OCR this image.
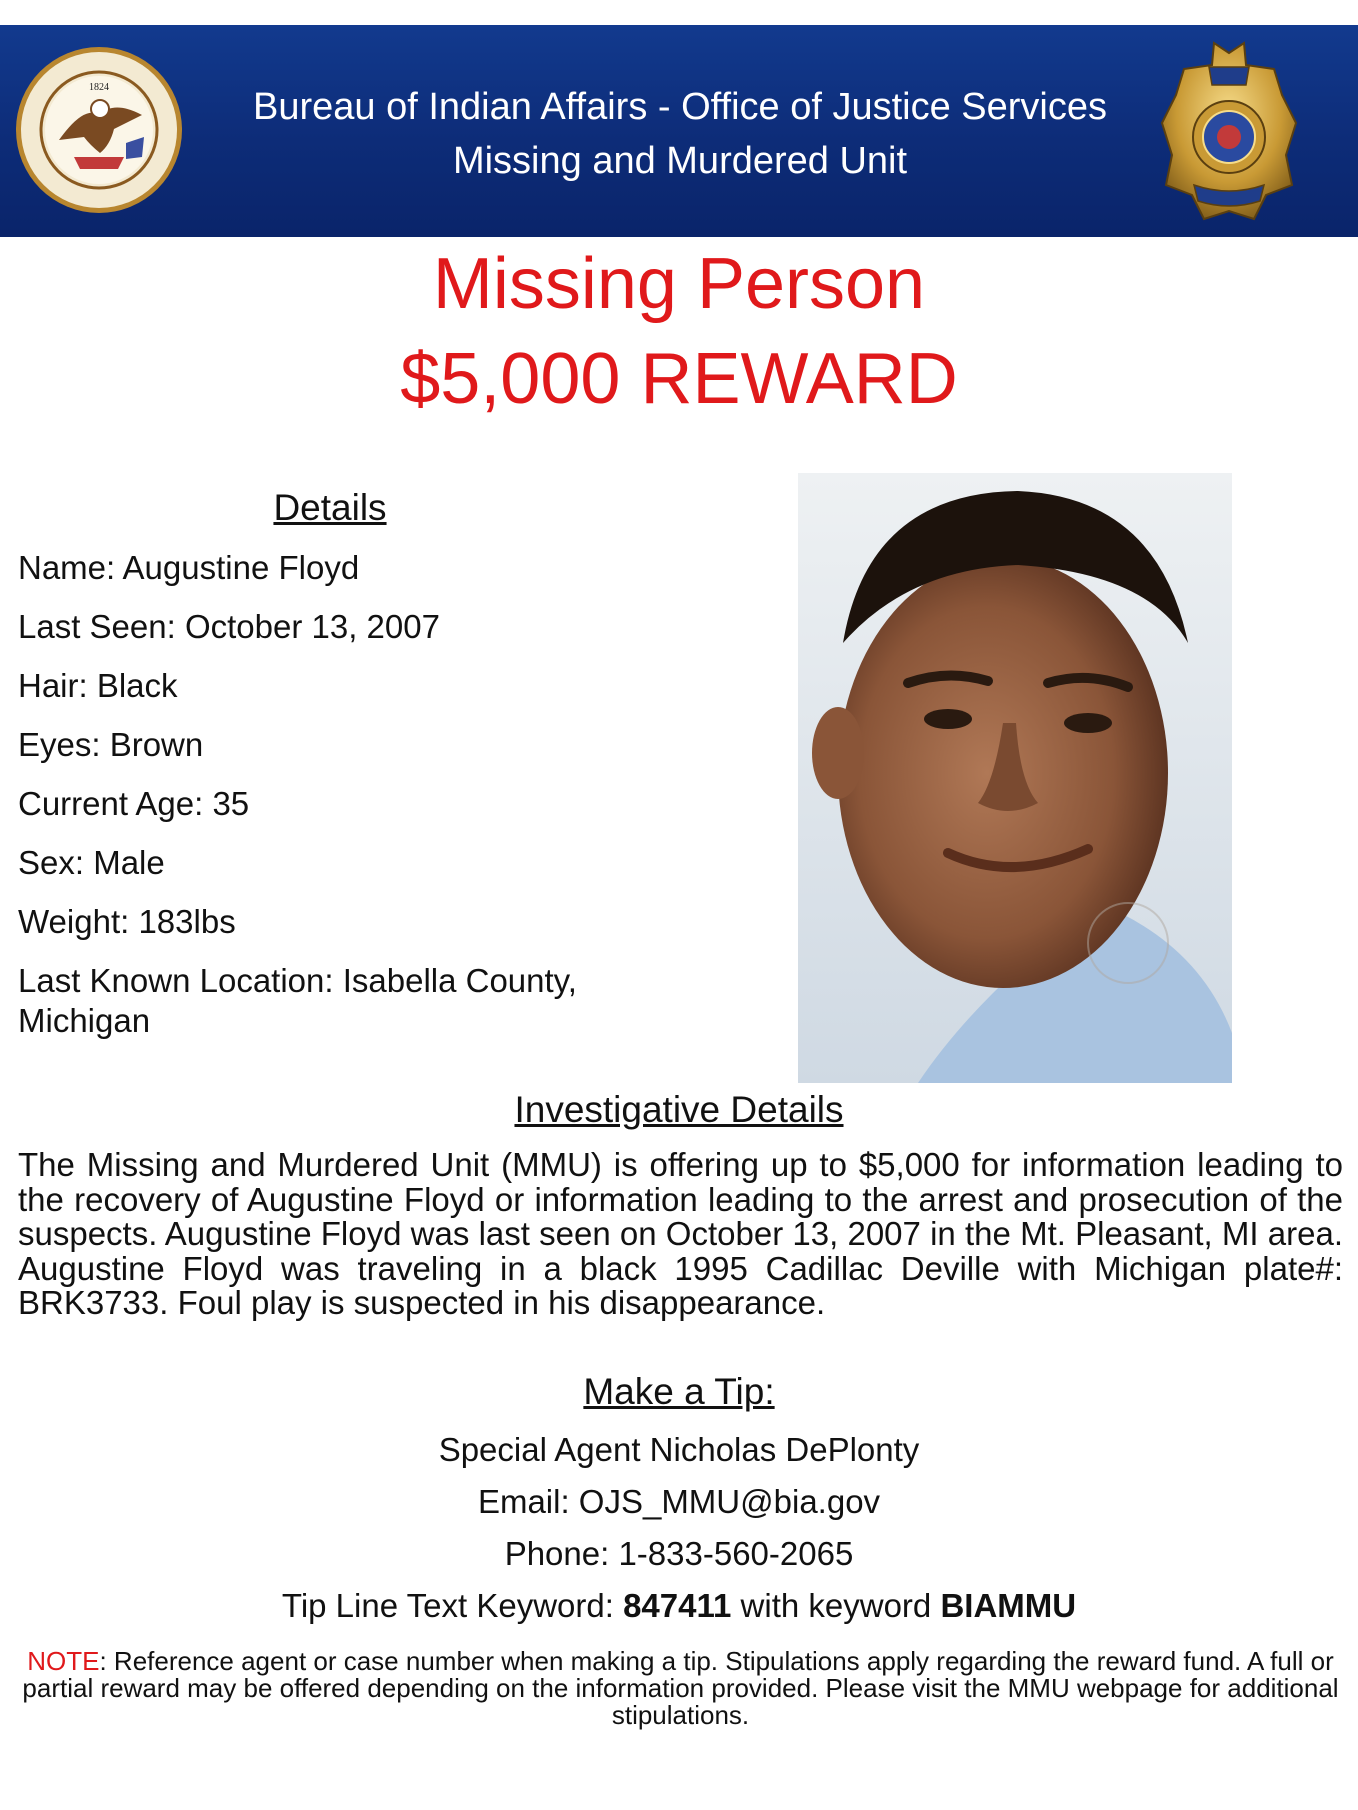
1824	Bureau of Indian Affairs - Office of Justice Services
Missing and Murdered Unit
Missing Person
$5,000 REWARD
Details
Name: Augustine Floyd
Last Seen: October 13, 2007
Hair: Black
Eyes: Brown
Current Age: 35
Sex: Male
Weight: 183lbs
Last Known Location: Isabella County, Michigan
Investigative Details
The Missing and Murdered Unit (MMU) is offering up to $5,000 for information leading to the recovery of Augustine Floyd or information leading to the arrest and prosecution of the suspects. Augustine Floyd was last seen on October 13, 2007 in the Mt. Pleasant, MI area. Augustine Floyd was traveling in a black 1995 Cadillac Deville with Michigan plate#: BRK3733. Foul play is suspected in his disappearance.
Make a Tip:
Special Agent Nicholas DePlonty
Email: OJS_MMU@bia.gov
Phone: 1-833-560-2065
Tip Line Text Keyword: 847411 with keyword BIAMMU
NOTE: Reference agent or case number when making a tip. Stipulations apply regarding the reward fund. A full or partial reward may be offered depending on the information provided. Please visit the MMU webpage for additional stipulations.
